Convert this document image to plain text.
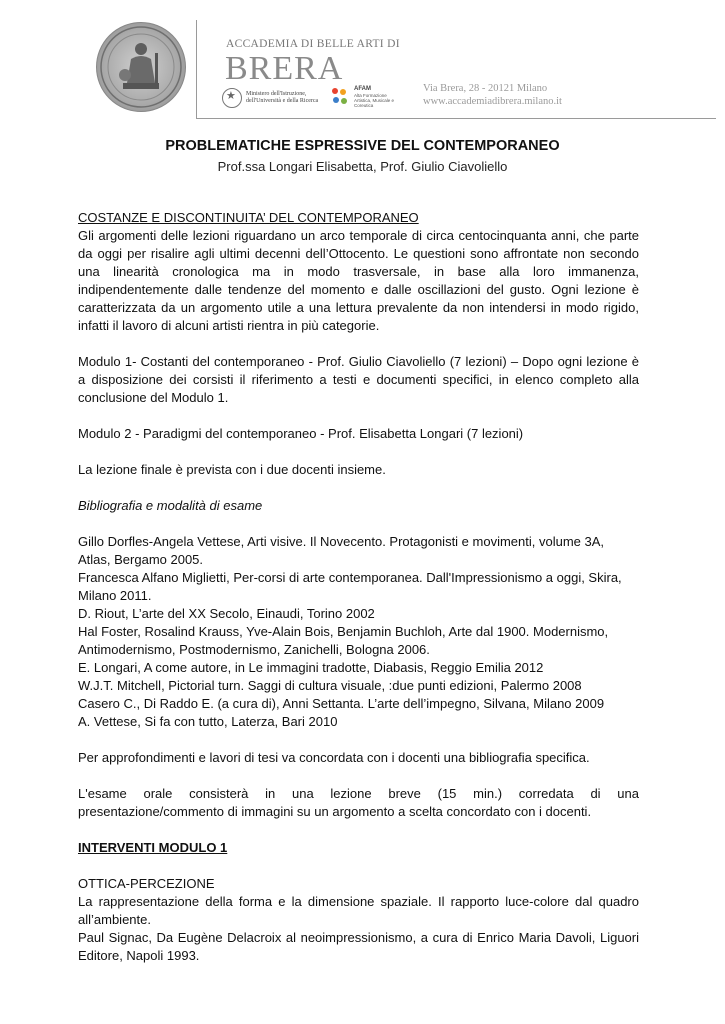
ACCADEMIA DI BELLE ARTI DI
BRERA
★
Ministero dell'Istruzione, dell'Università e della Ricerca
AFAM
Alta Formazione Artistica, Musicale e Coreutica
Via Brera, 28 - 20121 Milano
www.accademiadibrera.milano.it
PROBLEMATICHE ESPRESSIVE DEL CONTEMPORANEO
Prof.ssa Longari Elisabetta, Prof. Giulio Ciavoliello

COSTANZE E DISCONTINUITA’ DEL CONTEMPORANEO

Gli argomenti delle lezioni riguardano un arco temporale di circa centocinquanta anni, che parte da oggi per risalire agli ultimi decenni dell’Ottocento. Le questioni sono affrontate non secondo una linearità cronologica ma in modo trasversale, in base alla loro immanenza, indipendentemente dalle tendenze del momento e dalle oscillazioni del gusto. Ogni lezione è caratterizzata da un argomento utile a una lettura prevalente da non intendersi in modo rigido, infatti il lavoro di alcuni artisti rientra in più categorie.

Modulo 1- Costanti del contemporaneo - Prof. Giulio Ciavoliello (7 lezioni) – Dopo ogni lezione è a disposizione dei corsisti il riferimento a testi e documenti specifici, in elenco completo alla conclusione del Modulo 1.

Modulo 2 - Paradigmi del contemporaneo - Prof. Elisabetta Longari (7 lezioni)

La lezione finale è prevista con i due docenti insieme.

Bibliografia e modalità di esame

Gillo Dorfles-Angela Vettese, Arti visive. Il Novecento. Protagonisti e movimenti, volume 3A, Atlas, Bergamo 2005.

Francesca Alfano Miglietti, Per-corsi di arte contemporanea. Dall'Impressionismo a oggi, Skira, Milano 2011.

D. Riout, L’arte del XX Secolo, Einaudi, Torino 2002

Hal Foster, Rosalind Krauss, Yve-Alain Bois, Benjamin Buchloh, Arte dal 1900. Modernismo, Antimodernismo, Postmodernismo, Zanichelli, Bologna 2006.

E. Longari, A come autore, in Le immagini tradotte, Diabasis, Reggio Emilia 2012

W.J.T. Mitchell, Pictorial turn. Saggi di cultura visuale, :due punti edizioni, Palermo 2008

Casero C., Di Raddo E. (a cura di), Anni Settanta. L’arte dell’impegno, Silvana, Milano 2009

A. Vettese, Si fa con tutto, Laterza, Bari 2010

Per approfondimenti e lavori di tesi va concordata con i docenti una bibliografia specifica.

L'esame orale consisterà in una lezione breve (15 min.) corredata di una presentazione/commento di immagini su un argomento a scelta concordato con i docenti.

INTERVENTI MODULO 1

OTTICA-PERCEZIONE

La rappresentazione della forma e la dimensione spaziale. Il rapporto luce-colore dal quadro all’ambiente.

Paul Signac, Da Eugène Delacroix al neoimpressionismo, a cura di Enrico Maria Davoli, Liguori Editore, Napoli 1993.
